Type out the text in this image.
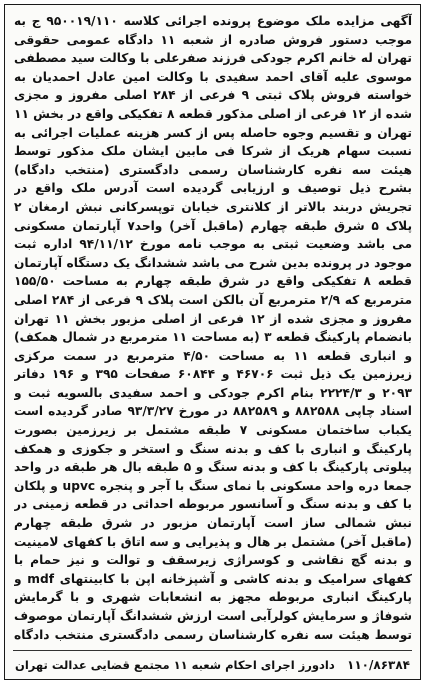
آگهی مزایده ملک موضوع پرونده اجرائی کلاسه ۹۵۰۰۱۹/۱۱۰ ج به موجب دستور فروش صادره از شعبه ۱۱ دادگاه عمومی حقوقی تهران له خانم اکرم جودکی فرزند صفرعلی با وکالت سید مصطفی موسوی علیه آقای احمد سفیدی با وکالت امین عادل احمدیان به خواسته فروش پلاک ثبتی ۹ فرعی از ۲۸۴ اصلی مفروز و مجزی شده از ۱۲ فرعی از اصلی مذکور قطعه ۸ تفکیکی واقع در بخش ۱۱ تهران و تقسیم وجوه حاصله پس از کسر هزینه عملیات اجرائی به نسبت سهام هریک از شرکا فی مابین ایشان ملک مذکور توسط هیئت سه نفره کارشناسان رسمی دادگستری (منتخب دادگاه) بشرح ذیل توصیف و ارزیابی گردیده است آدرس ملک واقع در تجریش دربند بالاتر از کلانتری خیابان توپسرکانی نبش ارمغان ۲ پلاک ۵ شرق طبقه چهارم (ماقبل آخر) واحد۷ آپارتمان مسکونی می باشد وضعیت ثبتی به موجب نامه مورخ ۹۴/۱۱/۱۲ اداره ثبت موجود در پرونده بدین شرح می باشد ششدانگ یک دستگاه آپارتمان قطعه ۸ تفکیکی واقع در شرق طبقه چهارم به مساحت ۱۵۵/۵۰ مترمربع که ۲/۹ مترمربع آن بالکن است پلاک ۹ فرعی از ۲۸۴ اصلی مفروز و مجزی شده از ۱۲ فرعی از اصلی مزبور بخش ۱۱ تهران بانضمام پارکینگ قطعه ۳ (به مساحت ۱۱ مترمربع در شمال همکف) و انباری قطعه ۱۱ به مساحت ۴/۵۰ مترمربع در سمت مرکزی زیرزمین یک ذیل ثبت ۴۶۷۰۶ و ۶۰۸۴۴ صفحات ۳۹۵ و ۱۹۶ دفاتر ۲۰۹۳ و ۲۲۲۴/۳ بنام اکرم جودکی و احمد سفیدی بالسویه ثبت و اسناد چاپی ۸۸۲۵۸۸ و ۸۸۲۵۸۹ در مورخ ۹۳/۳/۲۷ صادر گردیده است یکباب ساختمان مسکونی ۷ طبقه مشتمل بر زیرزمین بصورت پارکینگ و انباری با کف و بدنه سنگ و استخر و جکوزی و همکف پیلوتی پارکینگ با کف و بدنه سنگ و ۵ طبقه بال هر طبقه در واحد جمعا دره واحد مسکونی با نمای سنگ با آجر و پنجره upvc و پلکان با کف و بدنه سنگ و آسانسور مربوطه احداثی در قطعه زمینی در نبش شمالی ساز است آپارتمان مزبور در شرق طبقه چهارم (ماقبل آخر) مشتمل بر هال و پذیرایی و سه اتاق با کفهای لامینیت و بدنه گچ نقاشی و کوسراژی زیرسقف و توالت و نیز حمام با کفهای سرامیک و بدنه کاشی و آشپزخانه اپن با کابینتهای mdf و پارکینگ انباری مربوطه مجهز به انشعابات شهری و با گرمایش شوفاژ و سرمایش کولرآبی است ارزش ششدانگ آپارتمان موصوف توسط هیئت سه نفره کارشناسان رسمی دادگستری منتخب دادگاه
دادورز اجرای احکام شعبه ۱۱ مجتمع قضایی عدالت تهران ۱۱۰/۸۶۳۸۴
